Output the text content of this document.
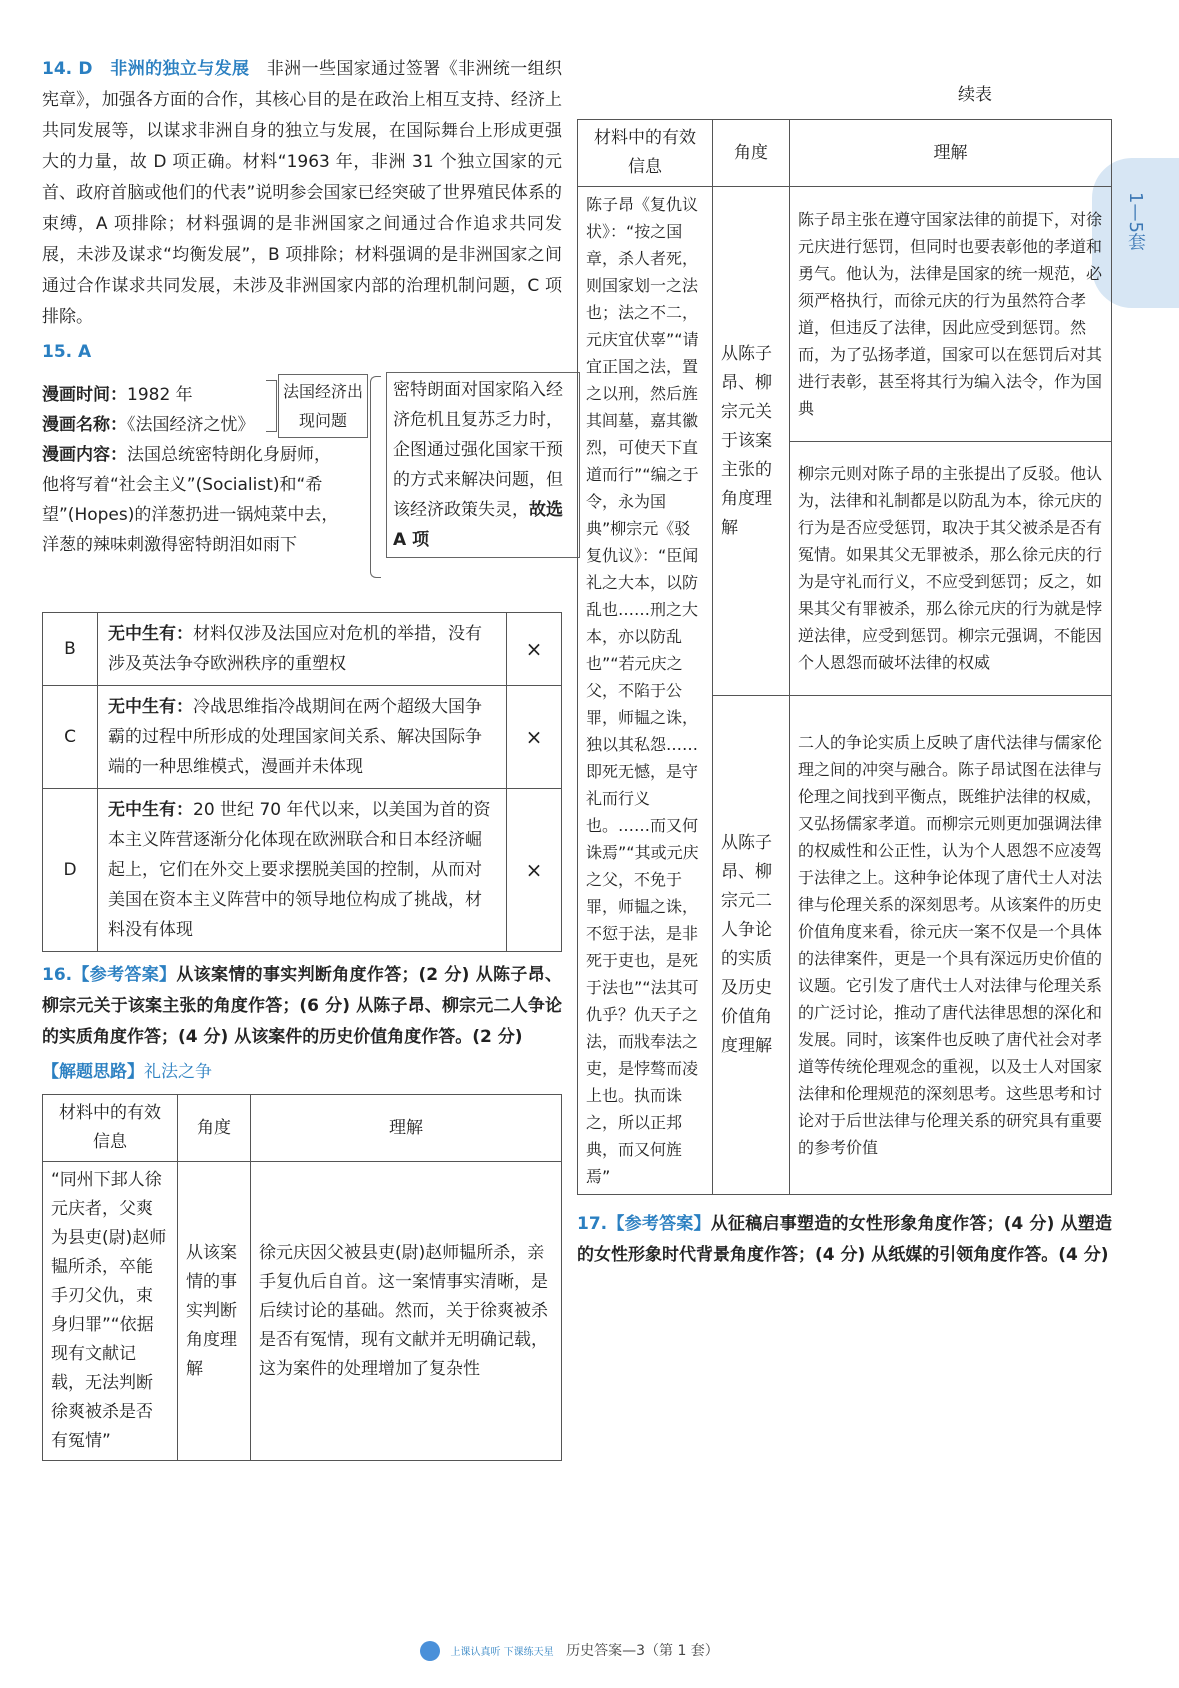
1—5套

14. D　非洲的独立与发展　 非洲一些国家通过签署《非洲统一组织宪章》，加强各方面的合作，其核心目的是在政治上相互支持、经济上共同发展等，以谋求非洲自身的独立与发展，在国际舞台上形成更强大的力量，故 D 项正确。材料“1963 年，非洲 31 个独立国家的元首、政府首脑或他们的代表”说明参会国家已经突破了世界殖民体系的束缚，A 项排除；材料强调的是非洲国家之间通过合作追求共同发展，未涉及谋求“均衡发展”，B 项排除；材料强调的是非洲国家之间通过合作谋求共同发展，未涉及非洲国家内部的治理机制问题，C 项排除。

15. A
漫画时间：1982 年
漫画名称：《法国经济之忧》
漫画内容：法国总统密特朗化身厨师，他将写着“社会主义”(Socialist)和“希望”(Hopes)的洋葱扔进一锅炖菜中去，洋葱的辣味刺激得密特朗泪如雨下
法国经济出现问题
密特朗面对国家陷入经济危机且复苏乏力时，企图通过强化国家干预的方式来解决问题，但该经济政策失灵，故选 A 项
B	无中生有：材料仅涉及法国应对危机的举措，没有涉及英法争夺欧洲秩序的重塑权	×
C	无中生有：冷战思维指冷战期间在两个超级大国争霸的过程中所形成的处理国家间关系、解决国际争端的一种思维模式，漫画并未体现	×
D	无中生有：20 世纪 70 年代以来，以美国为首的资本主义阵营逐渐分化体现在欧洲联合和日本经济崛起上，它们在外交上要求摆脱美国的控制，从而对美国在资本主义阵营中的领导地位构成了挑战，材料没有体现	×

16.【参考答案】从该案情的事实判断角度作答；(2 分) 从陈子昂、柳宗元关于该案主张的角度作答；(6 分) 从陈子昂、柳宗元二人争论的实质角度作答；(4 分) 从该案件的历史价值角度作答。(2 分)

【解题思路】礼法之争
材料中的有效信息	角度	理解
“同州下邽人徐元庆者，父爽为县吏(尉)赵师韫所杀，卒能手刃父仇，束身归罪”“依据现有文献记载，无法判断徐爽被杀是否有冤情”	从该案情的事实判断角度理解	徐元庆因父被县吏(尉)赵师韫所杀，亲手复仇后自首。这一案情事实清晰，是后续讨论的基础。然而，关于徐爽被杀是否有冤情，现有文献并无明确记载，这为案件的处理增加了复杂性
续表
材料中的有效信息	角度	理解
陈子昂《复仇议状》：“按之国章，杀人者死，则国家划一之法也；法之不二，元庆宜伏辜”“请宜正国之法，置之以刑，然后旌其闾墓，嘉其徽烈，可使天下直道而行”“编之于令，永为国典”柳宗元《驳复仇议》：“臣闻礼之大本，以防乱也……刑之大本，亦以防乱也”“若元庆之父，不陷于公罪，师韫之诛，独以其私怨……即死无憾，是守礼而行义也。……而又何诛焉”“其或元庆之父，不免于罪，师韫之诛，不愆于法，是非死于吏也，是死于法也”“法其可仇乎？仇天子之法，而戕奉法之吏，是悖骜而凌上也。执而诛之，所以正邦典，而又何旌焉”	从陈子昂、柳宗元关于该案主张的角度理解	陈子昂主张在遵守国家法律的前提下，对徐元庆进行惩罚，但同时也要表彰他的孝道和勇气。他认为，法律是国家的统一规范，必须严格执行，而徐元庆的行为虽然符合孝道，但违反了法律，因此应受到惩罚。然而，为了弘扬孝道，国家可以在惩罚后对其进行表彰，甚至将其行为编入法令，作为国典
		柳宗元则对陈子昂的主张提出了反驳。他认为，法律和礼制都是以防乱为本，徐元庆的行为是否应受惩罚，取决于其父被杀是否有冤情。如果其父无罪被杀，那么徐元庆的行为是守礼而行义，不应受到惩罚；反之，如果其父有罪被杀，那么徐元庆的行为就是悖逆法律，应受到惩罚。柳宗元强调，不能因个人恩怨而破坏法律的权威
	从陈子昂、柳宗元二人争论的实质及历史价值角度理解	二人的争论实质上反映了唐代法律与儒家伦理之间的冲突与融合。陈子昂试图在法律与伦理之间找到平衡点，既维护法律的权威，又弘扬儒家孝道。而柳宗元则更加强调法律的权威性和公正性，认为个人恩怨不应凌驾于法律之上。这种争论体现了唐代士人对法律与伦理关系的深刻思考。从该案件的历史价值角度来看，徐元庆一案不仅是一个具体的法律案件，更是一个具有深远历史价值的议题。它引发了唐代士人对法律与伦理关系的广泛讨论，推动了唐代法律思想的深化和发展。同时，该案件也反映了唐代社会对孝道等传统伦理观念的重视，以及士人对国家法律和伦理规范的深刻思考。这些思考和讨论对于后世法律与伦理关系的研究具有重要的参考价值

17.【参考答案】从征稿启事塑造的女性形象角度作答；(4 分) 从塑造的女性形象时代背景角度作答；(4 分) 从纸媒的引领角度作答。(4 分)

上课认真听 下课练天星 历史答案—3（第 1 套）
